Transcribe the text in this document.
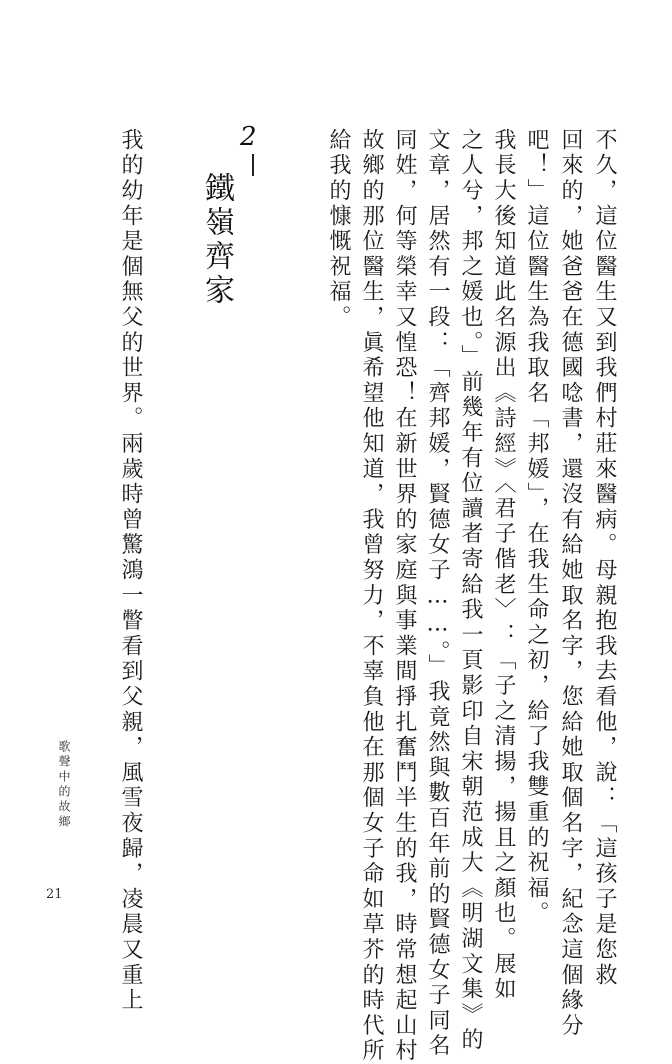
不久，這位醫生又到我們村莊來醫病。母親抱我去看他，說：「這孩子是您救
回來的，她爸爸在德國唸書，還沒有給她取名字，您給她取個名字，紀念這個緣分
吧！」這位醫生為我取名「邦媛」，在我生命之初，給了我雙重的祝福。
我長大後知道此名源出《詩經》〈君子偕老〉：「子之清揚，揚且之顏也。展如
之人兮，邦之媛也。」前幾年有位讀者寄給我一頁影印自宋朝范成大《明湖文集》的
文章，居然有一段：「齊邦媛，賢德女子……。」我竟然與數百年前的賢德女子同名
同姓，何等榮幸又惶恐！在新世界的家庭與事業間掙扎奮鬥半生的我，時常想起山村
故鄉的那位醫生，眞希望他知道，我曾努力，不辜負他在那個女子命如草芥的時代所
給我的慷慨祝福。
2
鐵嶺齊家
我的幼年是個無父的世界。兩歲時曾驚鴻一瞥看到父親，風雪夜歸，凌晨又重上
歌聲中的故鄉
21
